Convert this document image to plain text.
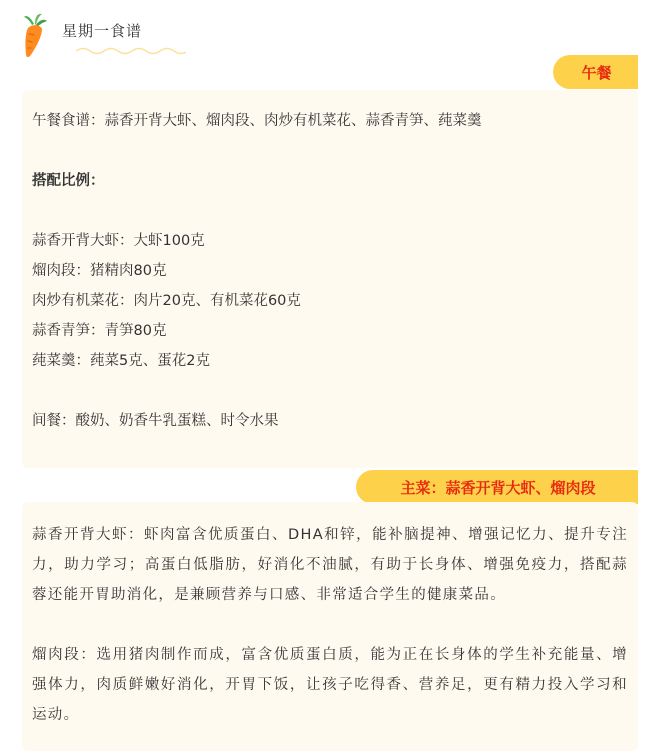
星期一食谱
午餐
午餐食谱：蒜香开背大虾、熘肉段、肉炒有机菜花、蒜香青笋、莼菜羹
搭配比例：
蒜香开背大虾：大虾100克
熘肉段：猪精肉80克
肉炒有机菜花：肉片20克、有机菜花60克
蒜香青笋：青笋80克
莼菜羹：莼菜5克、蛋花2克
间餐：酸奶、奶香牛乳蛋糕、时令水果
主菜：蒜香开背大虾、熘肉段

蒜香开背大虾：虾肉富含优质蛋白、DHA和锌，能补脑提神、增强记忆力、提升专注力，助力学习；高蛋白低脂肪，好消化不油腻，有助于长身体、增强免疫力，搭配蒜蓉还能开胃助消化，是兼顾营养与口感、非常适合学生的健康菜品。

熘肉段：选用猪肉制作而成，富含优质蛋白质，能为正在长身体的学生补充能量、增强体力，肉质鲜嫩好消化，开胃下饭，让孩子吃得香、营养足，更有精力投入学习和运动。
